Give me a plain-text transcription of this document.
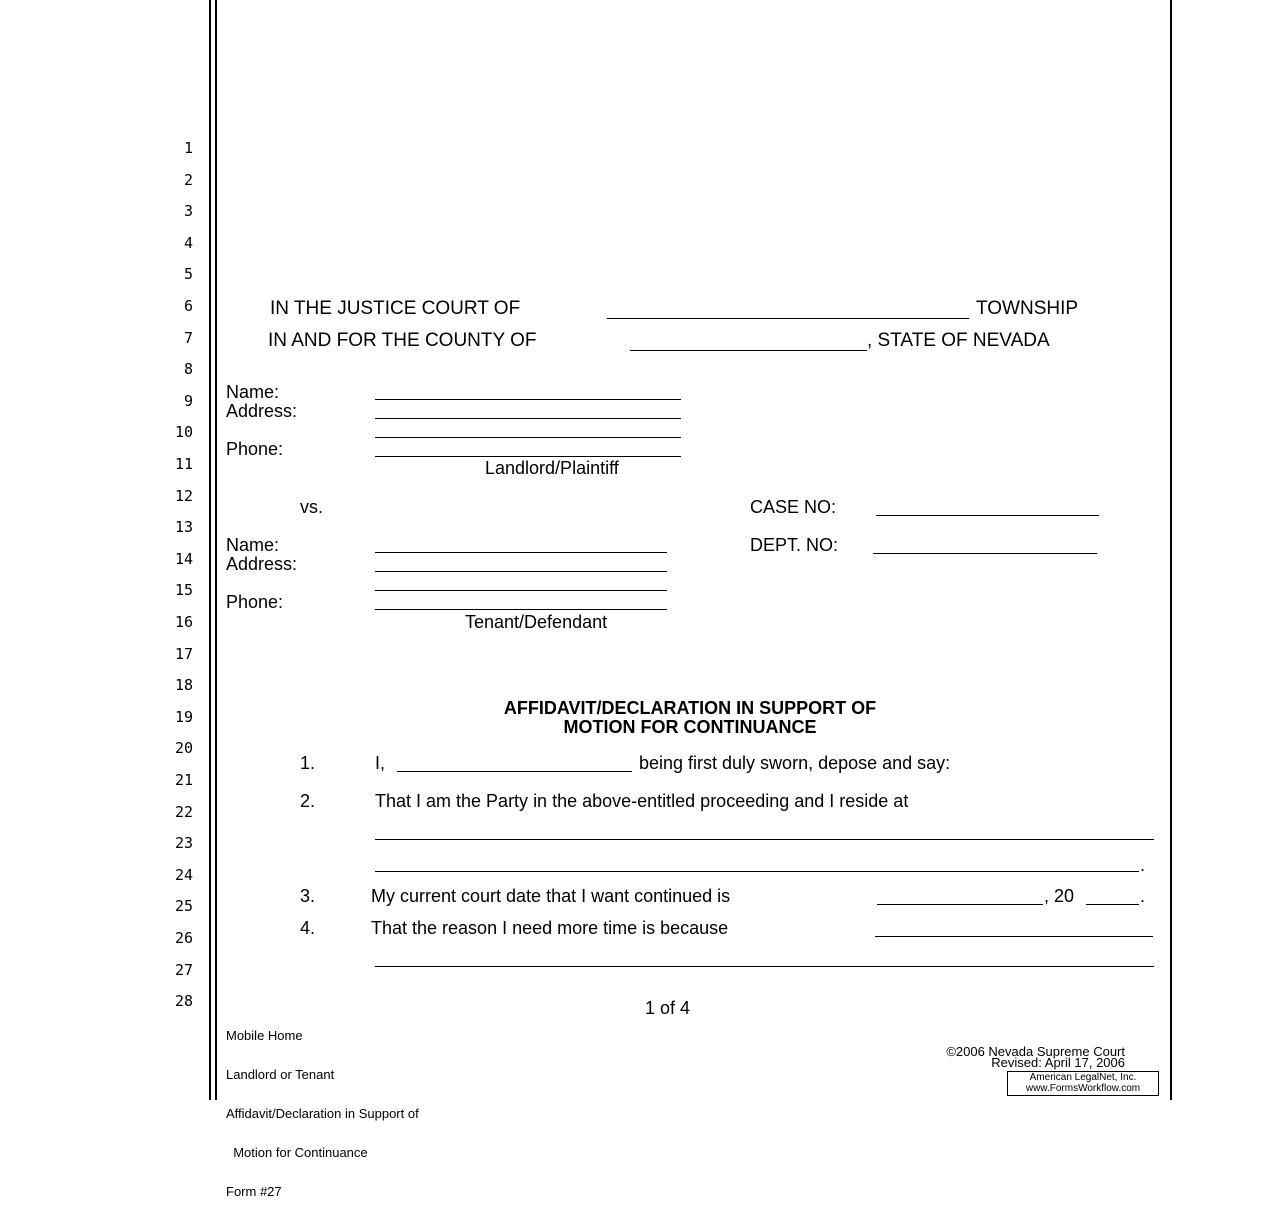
1
2
3
4
5
6
7
8
9
10
11
12
13
14
15
16
17
18
19
20
21
22
23
24
25
26
27
28
IN THE JUSTICE COURT OF	TOWNSHIP
IN AND FOR THE COUNTY OF	, STATE OF NEVADA
Name:
Address:
Phone:
Landlord/Plaintiff
vs.	CASE NO:
DEPT. NO:
Name:
Address:
Phone:
Tenant/Defendant
AFFIDAVIT/DECLARATION IN SUPPORT OF
MOTION FOR CONTINUANCE
1.	I,	being first duly sworn, depose and say:
2.	That I am the Party in the above-entitled proceeding and I reside at
.
3.	My current court date that I want continued is	, 20	.
4.	That the reason I need more time is because

Mobile Home

Landlord or Tenant

Affidavit/Declaration in Support of

Motion for Continuance

Form #27

1 of 4
©2006 Nevada Supreme Court
Revised: April 17, 2006
American LegalNet, Inc.
www.FormsWorkflow.com
